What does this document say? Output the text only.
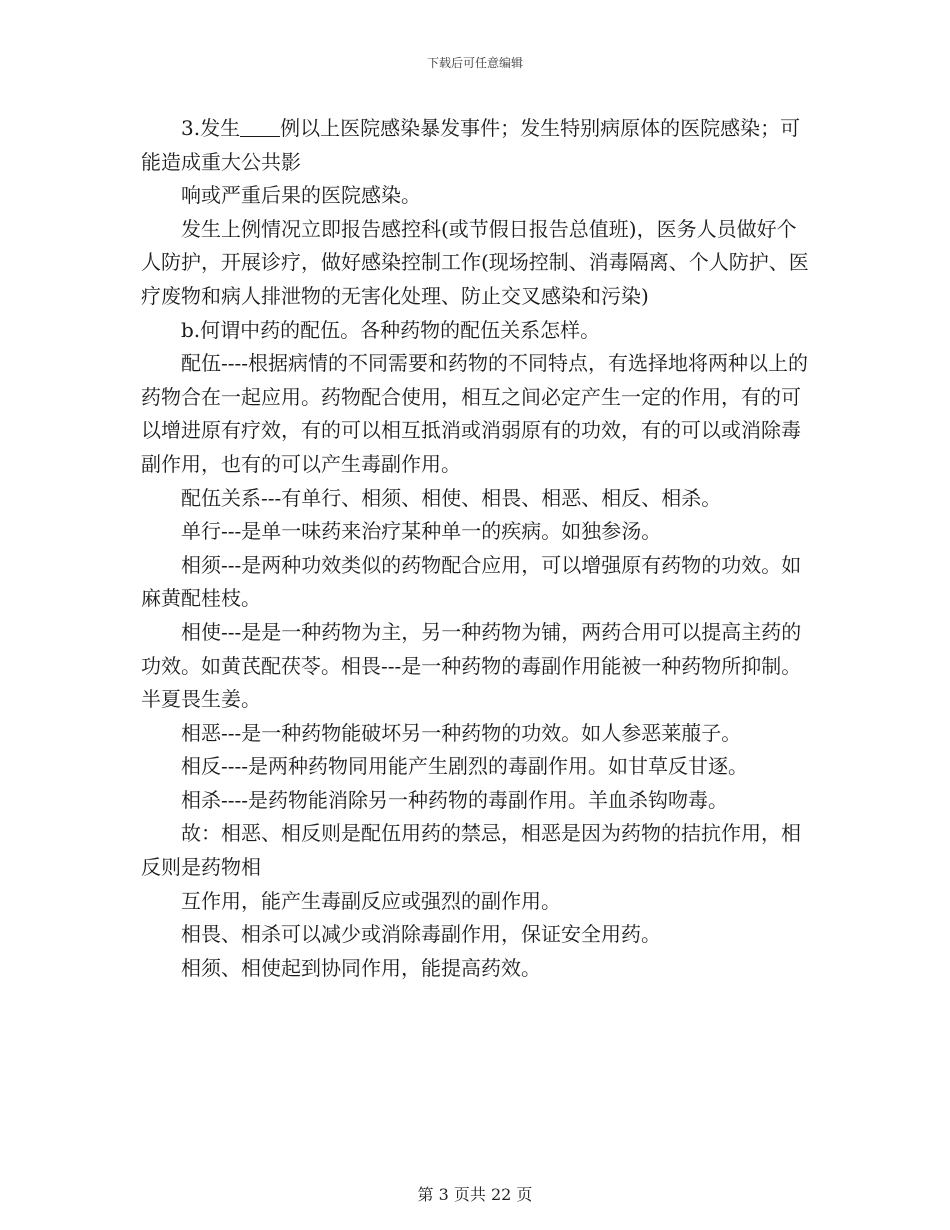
下载后可任意编辑

3.发生 例以上医院感染暴发事件；发生特别病原体的医院感染；可能造成重大公共影

响或严重后果的医院感染。

发生上例情况立即报告感控科(或节假日报告总值班)，医务人员做好个人防护，开展诊疗，做好感染控制工作(现场控制、消毒隔离、个人防护、医疗废物和病人排泄物的无害化处理、防止交叉感染和污染)

b.何谓中药的配伍。各种药物的配伍关系怎样。

配伍----根据病情的不同需要和药物的不同特点，有选择地将两种以上的药物合在一起应用。药物配合使用，相互之间必定产生一定的作用，有的可以增进原有疗效，有的可以相互抵消或消弱原有的功效，有的可以或消除毒副作用，也有的可以产生毒副作用。

配伍关系---有单行、相须、相使、相畏、相恶、相反、相杀。

单行---是单一味药来治疗某种单一的疾病。如独参汤。

相须---是两种功效类似的药物配合应用，可以增强原有药物的功效。如麻黄配桂枝。

相使---是是一种药物为主，另一种药物为铺，两药合用可以提高主药的功效。如黄芪配茯苓。相畏---是一种药物的毒副作用能被一种药物所抑制。半夏畏生姜。

相恶---是一种药物能破坏另一种药物的功效。如人参恶莱菔子。

相反----是两种药物同用能产生剧烈的毒副作用。如甘草反甘逐。

相杀----是药物能消除另一种药物的毒副作用。羊血杀钩吻毒。

故：相恶、相反则是配伍用药的禁忌，相恶是因为药物的拮抗作用，相反则是药物相

互作用，能产生毒副反应或强烈的副作用。

相畏、相杀可以减少或消除毒副作用，保证安全用药。

相须、相使起到协同作用，能提高药效。

第 3 页共 22 页
